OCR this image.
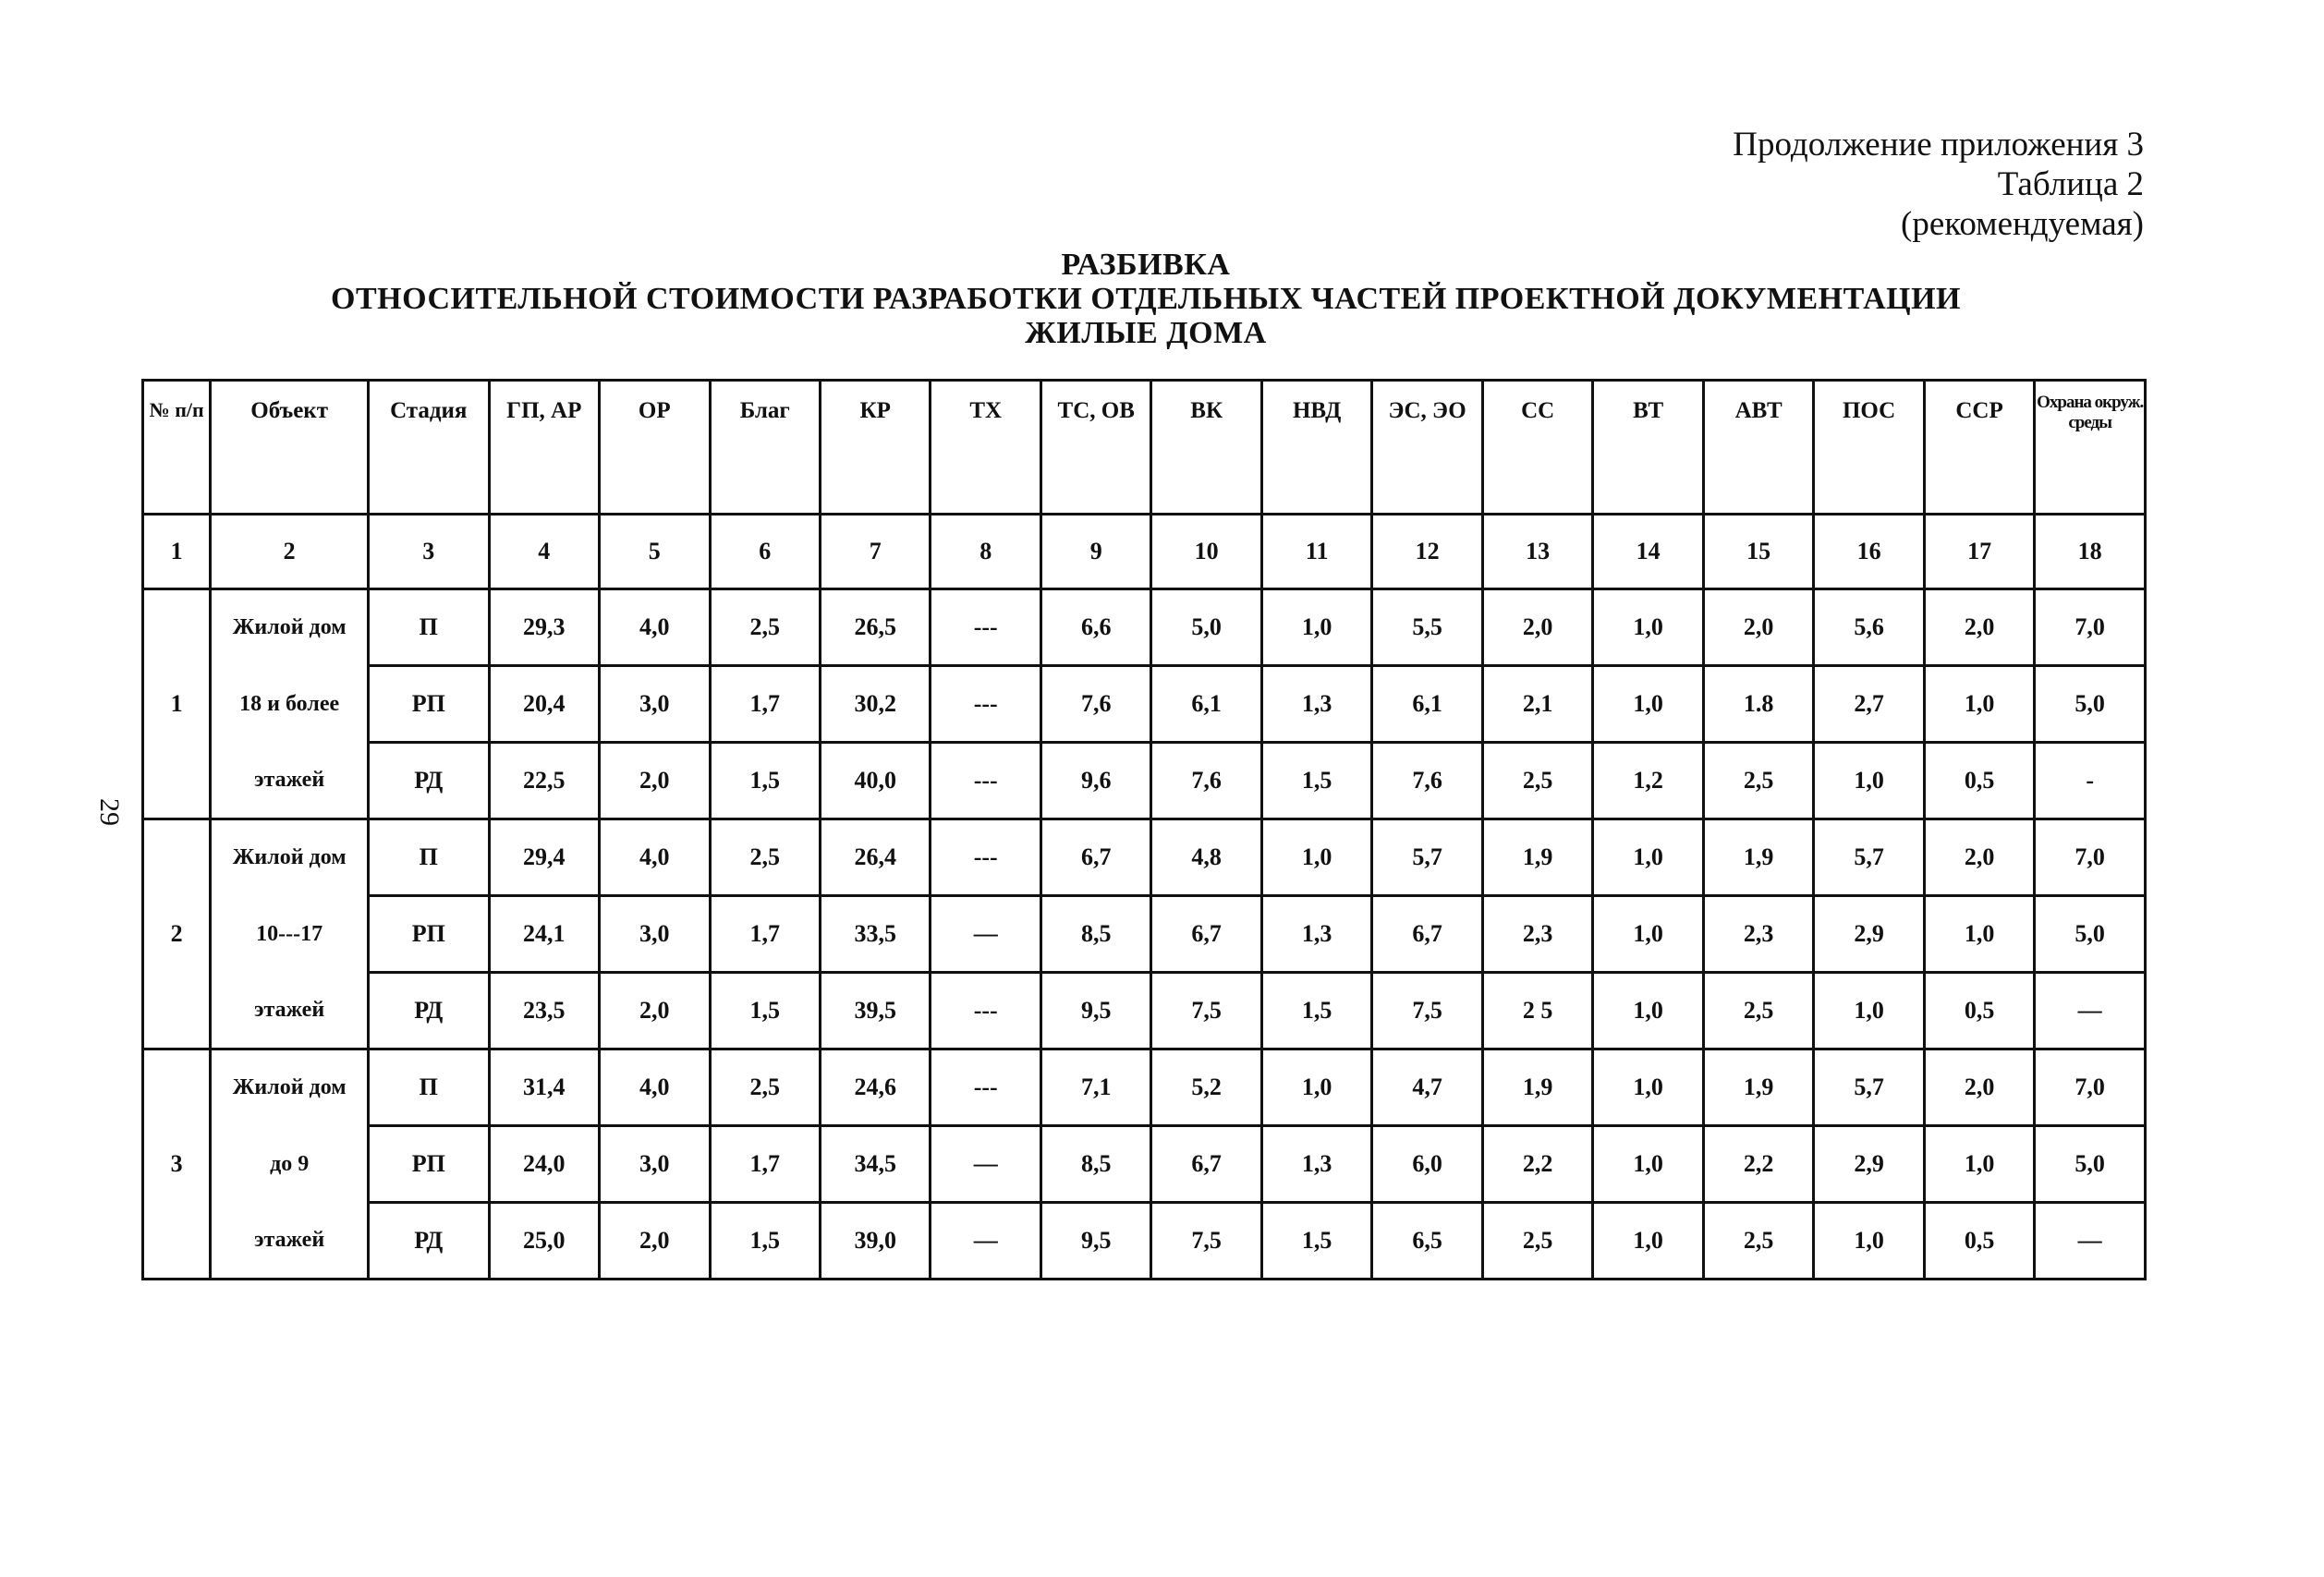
Продолжение приложения 3
Таблица 2
(рекомендуемая)
РАЗБИВКА
ОТНОСИТЕЛЬНОЙ СТОИМОСТИ РАЗРАБОТКИ ОТДЕЛЬНЫХ ЧАСТЕЙ ПРОЕКТНОЙ ДОКУМЕНТАЦИИ
ЖИЛЫЕ ДОМА
29
№ п/п	Объект	Стадия	ГП, АР	ОР	Благ	КР	ТХ	ТС, ОВ	ВК	НВД	ЭС, ЭО	СС	ВТ	АВТ	ПОС	ССР	Охрана окруж. среды
1	2	3	4	5	6	7	8	9	10	11	12	13	14	15	16	17	18
1	Жилой дом	П	29,3	4,0	2,5	26,5	---	6,6	5,0	1,0	5,5	2,0	1,0	2,0	5,6	2,0	7,0
	18 и более	РП	20,4	3,0	1,7	30,2	---	7,6	6,1	1,3	6,1	2,1	1,0	1.8	2,7	1,0	5,0
	этажей	РД	22,5	2,0	1,5	40,0	---	9,6	7,6	1,5	7,6	2,5	1,2	2,5	1,0	0,5	-
2	Жилой дом	П	29,4	4,0	2,5	26,4	---	6,7	4,8	1,0	5,7	1,9	1,0	1,9	5,7	2,0	7,0
	10---17	РП	24,1	3,0	1,7	33,5	—	8,5	6,7	1,3	6,7	2,3	1,0	2,3	2,9	1,0	5,0
	этажей	РД	23,5	2,0	1,5	39,5	---	9,5	7,5	1,5	7,5	2 5	1,0	2,5	1,0	0,5	—
3	Жилой дом	П	31,4	4,0	2,5	24,6	---	7,1	5,2	1,0	4,7	1,9	1,0	1,9	5,7	2,0	7,0
	до 9	РП	24,0	3,0	1,7	34,5	—	8,5	6,7	1,3	6,0	2,2	1,0	2,2	2,9	1,0	5,0
	этажей	РД	25,0	2,0	1,5	39,0	—	9,5	7,5	1,5	6,5	2,5	1,0	2,5	1,0	0,5	—
